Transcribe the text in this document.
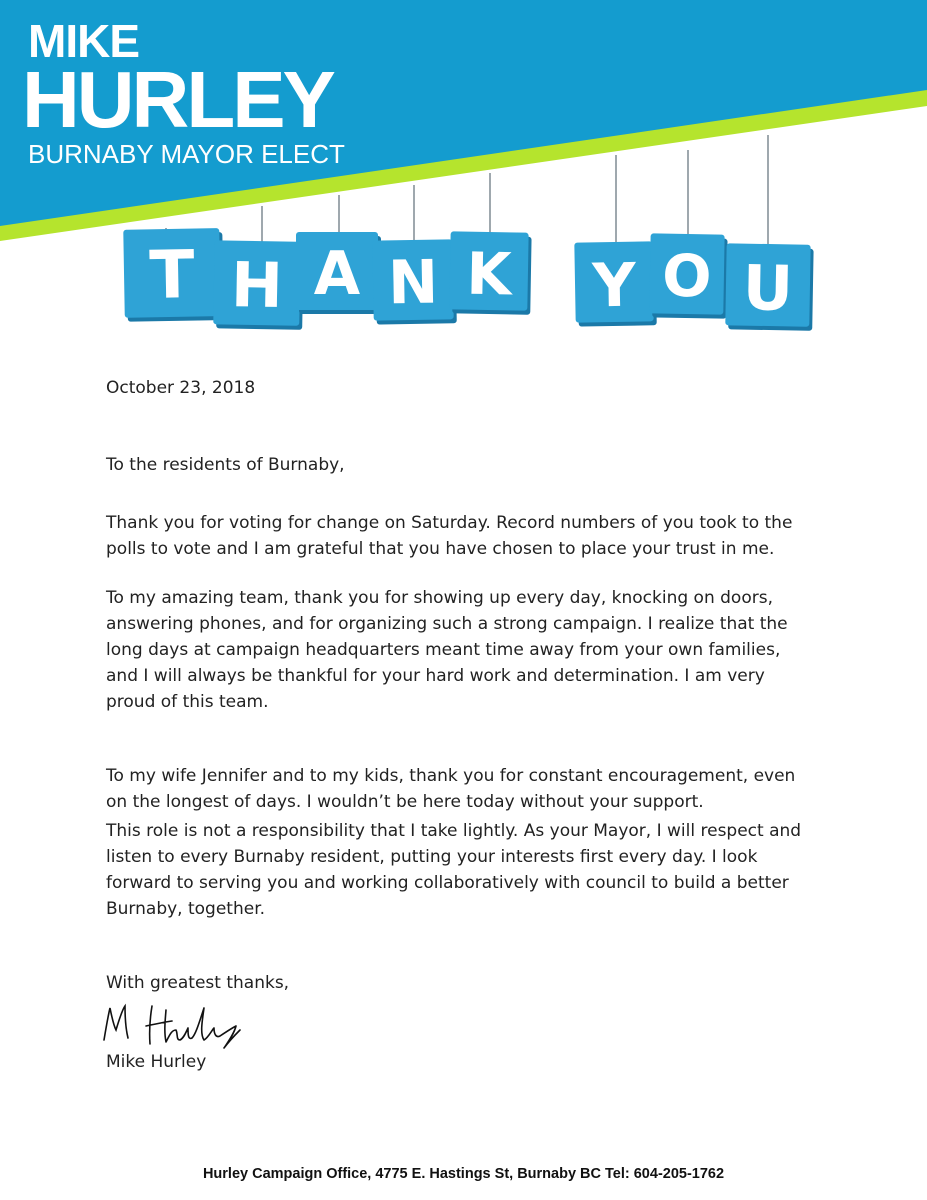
T H A N K Y O U
MIKE
HURLEY

BURNABY MAYOR ELECT

October 23, 2018

To the residents of Burnaby,

Thank you for voting for change on Saturday. Record numbers of you took to the polls to vote and I am grateful that you have chosen to place your trust in me.

To my amazing team, thank you for showing up every day, knocking on doors, answering phones, and for organizing such a strong campaign. I realize that the long days at campaign headquarters meant time away from your own families, and I will always be thankful for your hard work and determination. I am very proud of this team.

To my wife Jennifer and to my kids, thank you for constant encouragement, even on the longest of days. I wouldn’t be here today without your support.

This role is not a responsibility that I take lightly. As your Mayor, I will respect and listen to every Burnaby resident, putting your interests first every day. I look forward to serving you and working collaboratively with council to build a better Burnaby, together.

With greatest thanks,

Mike Hurley
Hurley Campaign Office, 4775 E. Hastings St, Burnaby BC Tel: 604-205-1762
